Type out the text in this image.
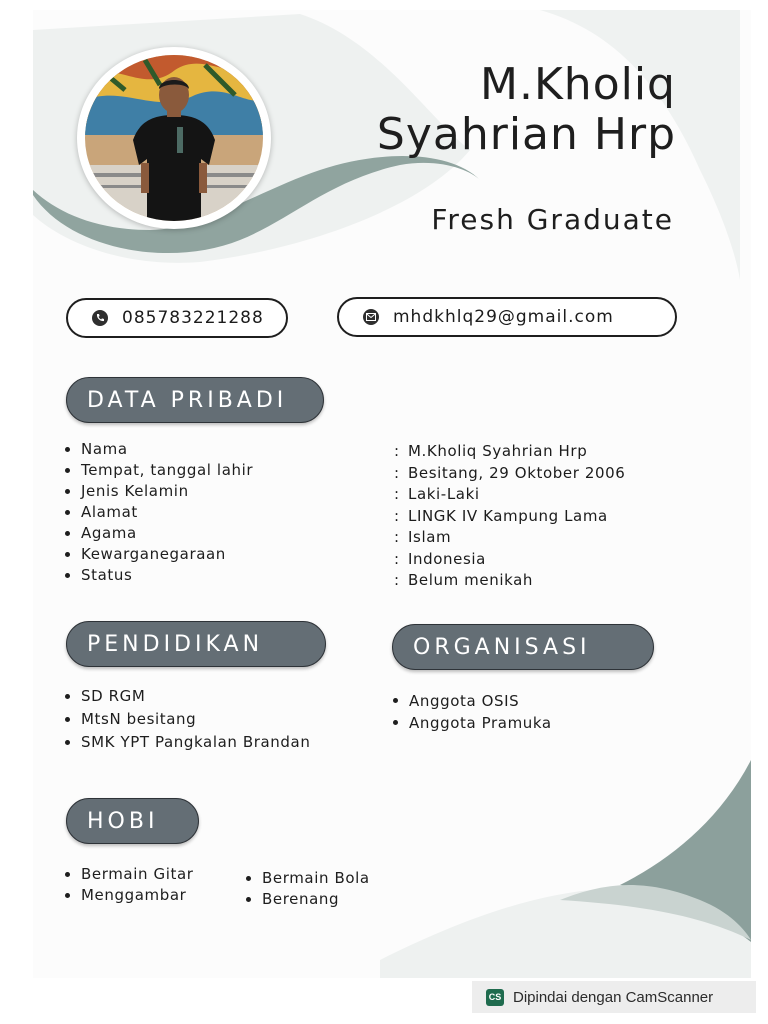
M.Kholiq
Syahrian Hrp
Fresh Graduate
085783221288	mhdkhlq29@gmail.com
DATA PRIBADI
Nama
Tempat, tanggal lahir
Jenis Kelamin
Alamat
Agama
Kewarganegaraan
Status
: M.Kholiq Syahrian Hrp
: Besitang, 29 Oktober 2006
: Laki-Laki
: LINGK IV Kampung Lama
: Islam
: Indonesia
: Belum menikah
PENDIDIKAN
SD RGM
MtsN besitang
SMK YPT Pangkalan Brandan
ORGANISASI
Anggota OSIS
Anggota Pramuka
HOBI
Bermain Gitar
Menggambar
Bermain Bola
Berenang
CS Dipindai dengan CamScanner
